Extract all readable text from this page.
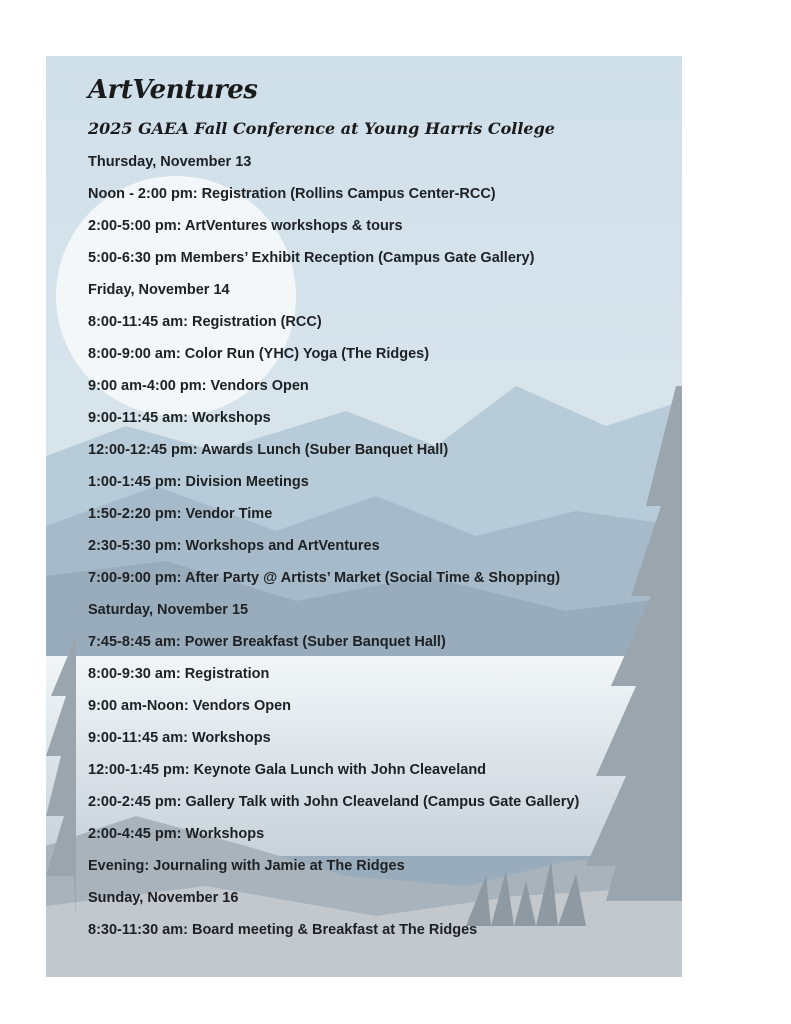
ArtVentures
2025 GAEA Fall Conference at Young Harris College
Thursday, November 13
Noon - 2:00 pm: Registration (Rollins Campus Center-RCC)
2:00-5:00 pm: ArtVentures workshops & tours
5:00-6:30 pm Members’ Exhibit Reception (Campus Gate Gallery)
Friday, November 14
8:00-11:45 am: Registration (RCC)
8:00-9:00 am: Color Run (YHC) Yoga (The Ridges)
9:00 am-4:00 pm: Vendors Open
9:00-11:45 am: Workshops
12:00-12:45 pm: Awards Lunch (Suber Banquet Hall)
1:00-1:45 pm: Division Meetings
1:50-2:20 pm: Vendor Time
2:30-5:30 pm: Workshops and ArtVentures
7:00-9:00 pm: After Party @ Artists’ Market (Social Time & Shopping)
Saturday, November 15
7:45-8:45 am: Power Breakfast (Suber Banquet Hall)
8:00-9:30 am: Registration
9:00 am-Noon: Vendors Open
9:00-11:45 am: Workshops
12:00-1:45 pm: Keynote Gala Lunch with John Cleaveland
2:00-2:45 pm: Gallery Talk with John Cleaveland (Campus Gate Gallery)
2:00-4:45 pm: Workshops
Evening: Journaling with Jamie at The Ridges
Sunday, November 16
8:30-11:30 am: Board meeting & Breakfast at The Ridges
